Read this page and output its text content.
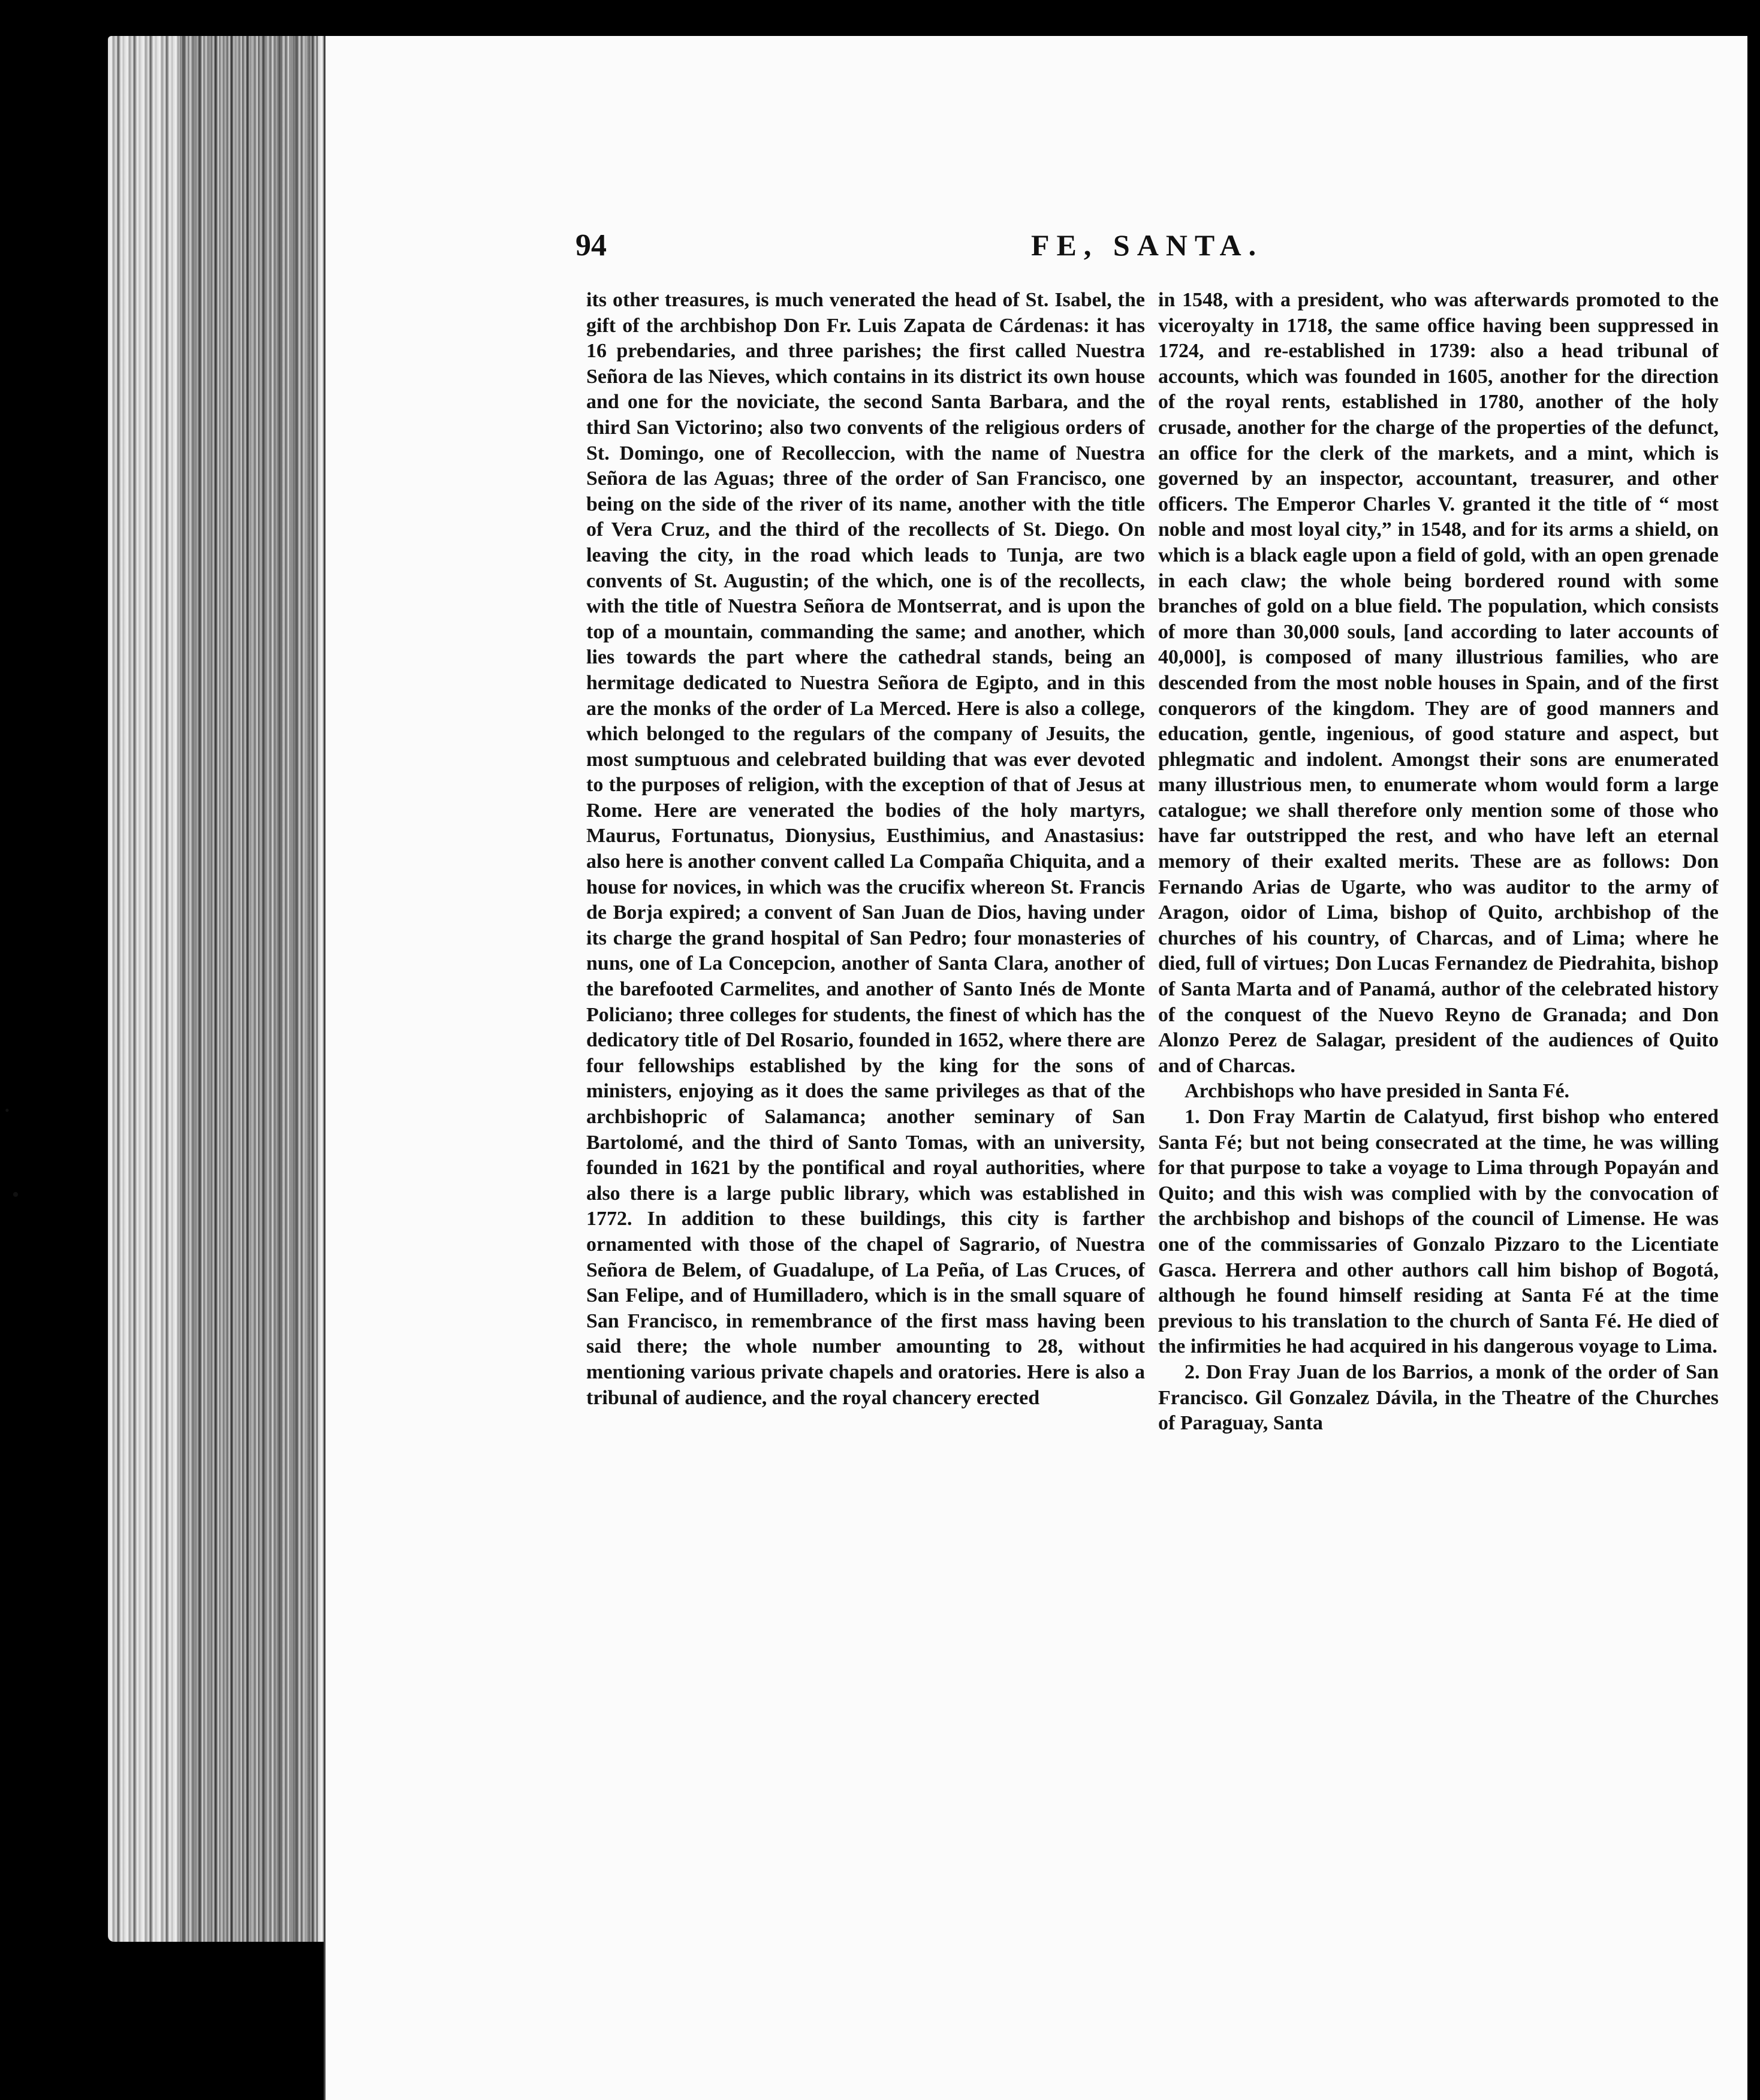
•
•
94	FE, SANTA.

its other treasures, is much venerated the head of St. Isabel, the gift of the archbishop Don Fr. Luis Zapata de Cárdenas: it has 16 prebendaries, and three parishes; the first called Nuestra Señora de las Nieves, which contains in its district its own house and one for the noviciate, the second Santa Barbara, and the third San Victorino; also two convents of the religious orders of St. Domingo, one of Recolleccion, with the name of Nuestra Señora de las Aguas; three of the order of San Francisco, one being on the side of the river of its name, another with the title of Vera Cruz, and the third of the recollects of St. Diego. On leaving the city, in the road which leads to Tunja, are two convents of St. Augustin; of the which, one is of the recollects, with the title of Nuestra Señora de Montserrat, and is upon the top of a mountain, commanding the same; and another, which lies towards the part where the cathedral stands, being an hermitage dedicated to Nuestra Señora de Egipto, and in this are the monks of the order of La Merced. Here is also a college, which belonged to the regulars of the company of Jesuits, the most sumptuous and celebrated building that was ever devoted to the purposes of religion, with the exception of that of Jesus at Rome. Here are venerated the bodies of the holy martyrs, Maurus, Fortunatus, Dionysius, Eusthimius, and Anastasius: also here is another convent called La Compaña Chiquita, and a house for novices, in which was the crucifix whereon St. Francis de Borja expired; a convent of San Juan de Dios, having under its charge the grand hospital of San Pedro; four monasteries of nuns, one of La Concepcion, another of Santa Clara, another of the barefooted Carmelites, and another of Santo Inés de Monte Policiano; three colleges for students, the finest of which has the dedicatory title of Del Rosario, founded in 1652, where there are four fellowships established by the king for the sons of ministers, enjoying as it does the same privileges as that of the archbishopric of Salamanca; another seminary of San Bartolomé, and the third of Santo Tomas, with an university, founded in 1621 by the pontifical and royal authorities, where also there is a large public library, which was established in 1772. In addition to these buildings, this city is farther ornamented with those of the chapel of Sagrario, of Nuestra Señora de Belem, of Guadalupe, of La Peña, of Las Cruces, of San Felipe, and of Humilladero, which is in the small square of San Francisco, in remembrance of the first mass having been said there; the whole number amounting to 28, without mentioning various private chapels and oratories. Here is also a tribunal of audience, and the royal chancery erected

in 1548, with a president, who was afterwards promoted to the viceroyalty in 1718, the same office having been suppressed in 1724, and re-established in 1739: also a head tribunal of accounts, which was founded in 1605, another for the direction of the royal rents, established in 1780, another of the holy crusade, another for the charge of the properties of the defunct, an office for the clerk of the markets, and a mint, which is governed by an inspector, accountant, treasurer, and other officers. The Emperor Charles V. granted it the title of “ most noble and most loyal city,” in 1548, and for its arms a shield, on which is a black eagle upon a field of gold, with an open grenade in each claw; the whole being bordered round with some branches of gold on a blue field. The population, which consists of more than 30,000 souls, [and according to later accounts of 40,000], is composed of many illustrious families, who are descended from the most noble houses in Spain, and of the first conquerors of the kingdom. They are of good manners and education, gentle, ingenious, of good stature and aspect, but phlegmatic and indolent. Amongst their sons are enumerated many illustrious men, to enumerate whom would form a large catalogue; we shall therefore only mention some of those who have far outstripped the rest, and who have left an eternal memory of their exalted merits. These are as follows: Don Fernando Arias de Ugarte, who was auditor to the army of Aragon, oidor of Lima, bishop of Quito, archbishop of the churches of his country, of Charcas, and of Lima; where he died, full of virtues; Don Lucas Fernandez de Piedrahita, bishop of Santa Marta and of Panamá, author of the celebrated history of the conquest of the Nuevo Reyno de Granada; and Don Alonzo Perez de Salagar, president of the audiences of Quito and of Charcas.

Archbishops who have presided in Santa Fé.

1. Don Fray Martin de Calatyud, first bishop who entered Santa Fé; but not being consecrated at the time, he was willing for that purpose to take a voyage to Lima through Popayán and Quito; and this wish was complied with by the convocation of the archbishop and bishops of the council of Limense. He was one of the commissaries of Gonzalo Pizzaro to the Licentiate Gasca. Herrera and other authors call him bishop of Bogotá, although he found himself residing at Santa Fé at the time previous to his translation to the church of Santa Fé. He died of the infirmities he had acquired in his dangerous voyage to Lima.

2. Don Fray Juan de los Barrios, a monk of the order of San Francisco. Gil Gonzalez Dávila, in the Theatre of the Churches of Paraguay, Santa
